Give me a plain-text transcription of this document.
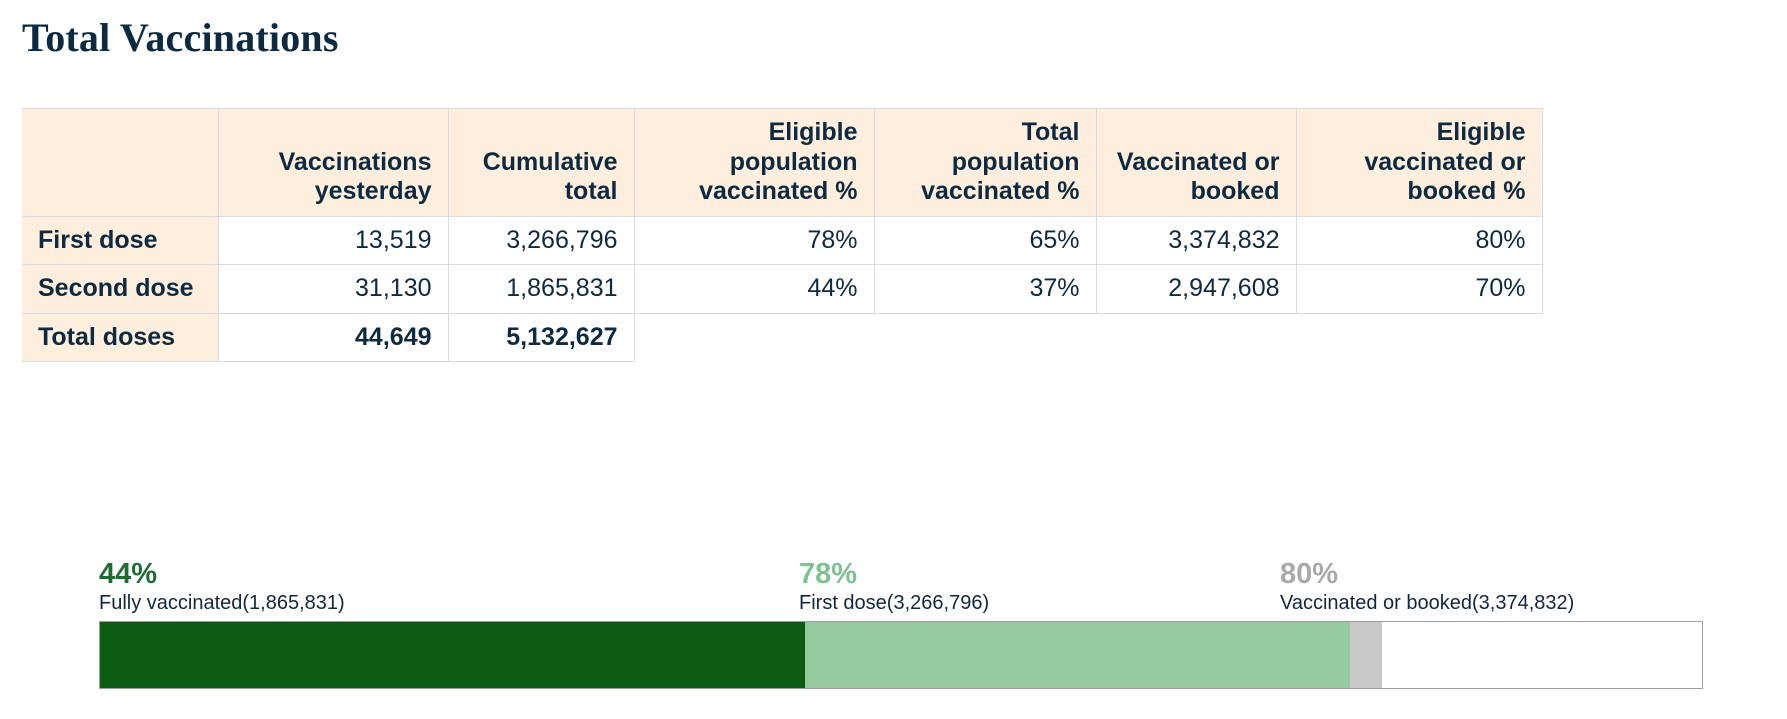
Total Vaccinations
	Vaccinations yesterday	Cumulative total	Eligible population vaccinated %	Total population vaccinated %	Vaccinated or booked	Eligible vaccinated or booked %
First dose	13,519	3,266,796	78%	65%	3,374,832	80%
Second dose	31,130	1,865,831	44%	37%	2,947,608	70%
Total doses	44,649	5,132,627				
44%
Fully vaccinated(1,865,831)
78%
First dose(3,266,796)
80%
Vaccinated or booked(3,374,832)
